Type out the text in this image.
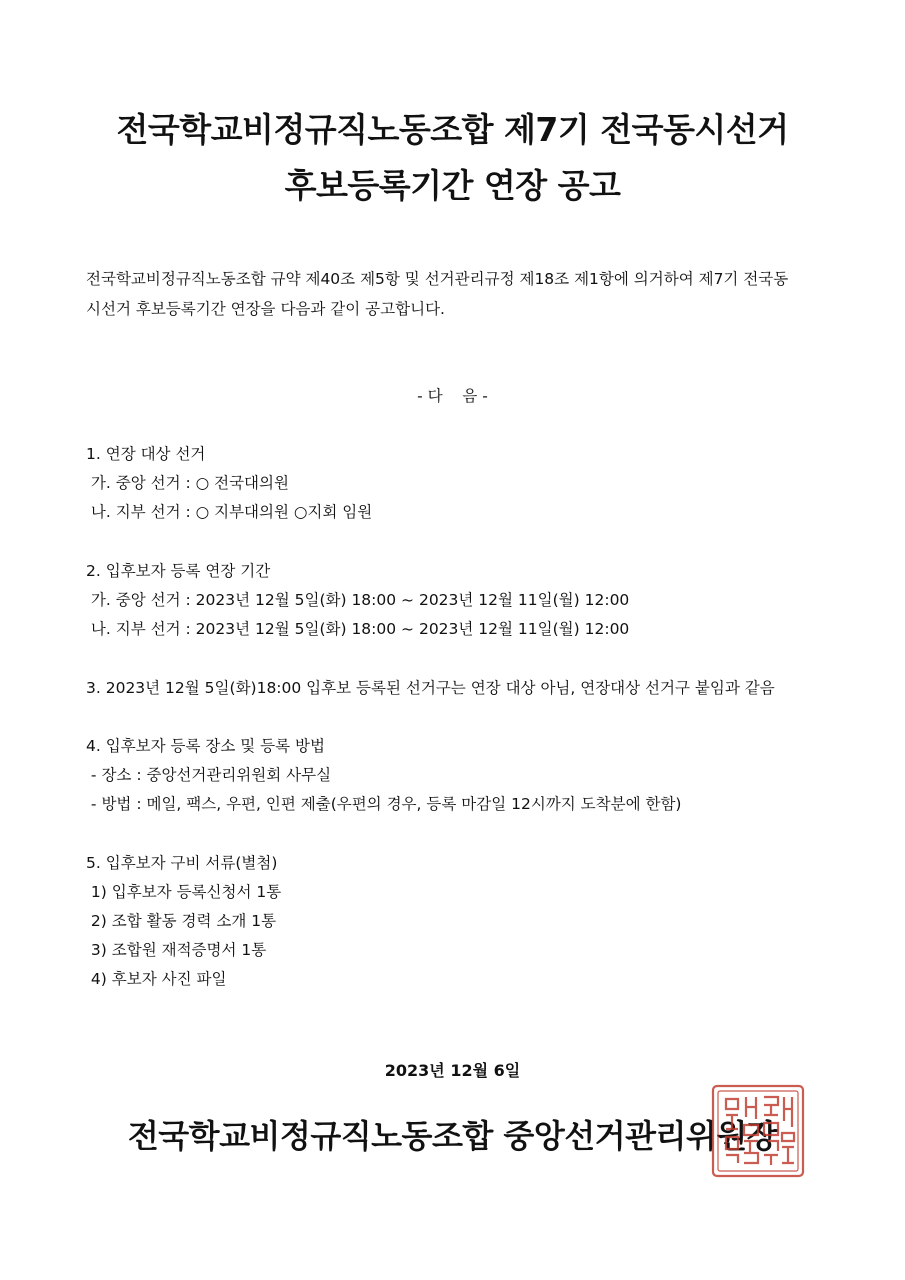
전국학교비정규직노동조합 제7기 전국동시선거
후보등록기간 연장 공고
전국학교비정규직노동조합 규약 제40조 제5항 및 선거관리규정 제18조 제1항에 의거하여 제7기 전국동
시선거 후보등록기간 연장을 다음과 같이 공고합니다.
- 다    음 -
1. 연장 대상 선거
가. 중앙 선거 : ○ 전국대의원
나. 지부 선거 : ○ 지부대의원 ○지회 임원
2. 입후보자 등록 연장 기간
가. 중앙 선거 : 2023년 12월 5일(화) 18:00 ~ 2023년 12월 11일(월) 12:00
나. 지부 선거 : 2023년 12월 5일(화) 18:00 ~ 2023년 12월 11일(월) 12:00
3. 2023년 12월 5일(화)18:00 입후보 등록된 선거구는 연장 대상 아님, 연장대상 선거구 붙임과 같음
4. 입후보자 등록 장소 및 등록 방법
- 장소 : 중앙선거관리위원회 사무실
- 방법 : 메일, 팩스, 우편, 인편 제출(우편의 경우, 등록 마감일 12시까지 도착분에 한함)
5. 입후보자 구비 서류(별첨)
1) 입후보자 등록신청서 1통
2) 조합 활동 경력 소개 1통
3) 조합원 재적증명서 1통
4) 후보자 사진 파일
2023년 12월 6일
전국학교비정규직노동조합 중앙선거관리위원장
